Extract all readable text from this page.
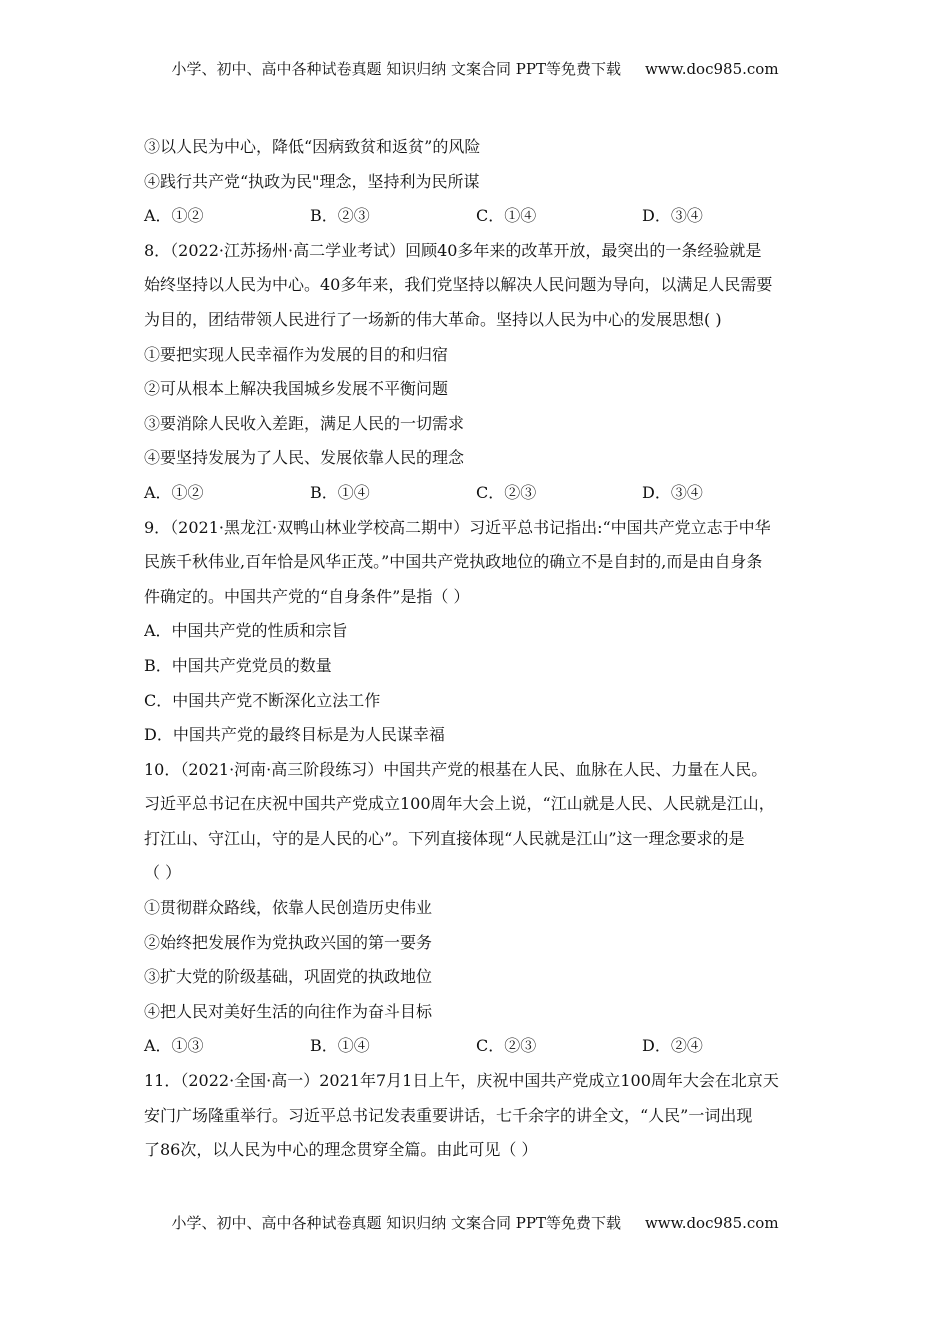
小学、初中、高中各种试卷真题 知识归纳 文案合同 PPT等免费下载 www.doc985.com
③以人民为中心，降低“因病致贫和返贫”的风险
④践行共产党“执政为民"理念，坚持利为民所谋
A．①②	B．②③	C．①④	D．③④
8．（2022·江苏扬州·高二学业考试）回顾40多年来的改革开放，最突出的一条经验就是
始终坚持以人民为中心。40多年来，我们党坚持以解决人民问题为导向，以满足人民需要
为目的，团结带领人民进行了一场新的伟大革命。坚持以人民为中心的发展思想( )
①要把实现人民幸福作为发展的目的和归宿
②可从根本上解决我国城乡发展不平衡问题
③要消除人民收入差距，满足人民的一切需求
④要坚持发展为了人民、发展依靠人民的理念
A．①②	B．①④	C．②③	D．③④
9．（2021·黑龙江·双鸭山林业学校高二期中）习近平总书记指出:“中国共产党立志于中华
民族千秋伟业,百年恰是风华正茂。”中国共产党执政地位的确立不是自封的,而是由自身条
件确定的。中国共产党的“自身条件”是指（ ）
A．中国共产党的性质和宗旨
B．中国共产党党员的数量
C．中国共产党不断深化立法工作
D．中国共产党的最终目标是为人民谋幸福
10．（2021·河南·高三阶段练习）中国共产党的根基在人民、血脉在人民、力量在人民。
习近平总书记在庆祝中国共产党成立100周年大会上说，“江山就是人民、人民就是江山，
打江山、守江山，守的是人民的心”。下列直接体现“人民就是江山”这一理念要求的是
（ ）
①贯彻群众路线，依靠人民创造历史伟业
②始终把发展作为党执政兴国的第一要务
③扩大党的阶级基础，巩固党的执政地位
④把人民对美好生活的向往作为奋斗目标
A．①③	B．①④	C．②③	D．②④
11．（2022·全国·高一）2021年7月1日上午，庆祝中国共产党成立100周年大会在北京天
安门广场隆重举行。习近平总书记发表重要讲话，七千余字的讲全文，“人民”一词出现
了86次，以人民为中心的理念贯穿全篇。由此可见（ ）
小学、初中、高中各种试卷真题 知识归纳 文案合同 PPT等免费下载 www.doc985.com
